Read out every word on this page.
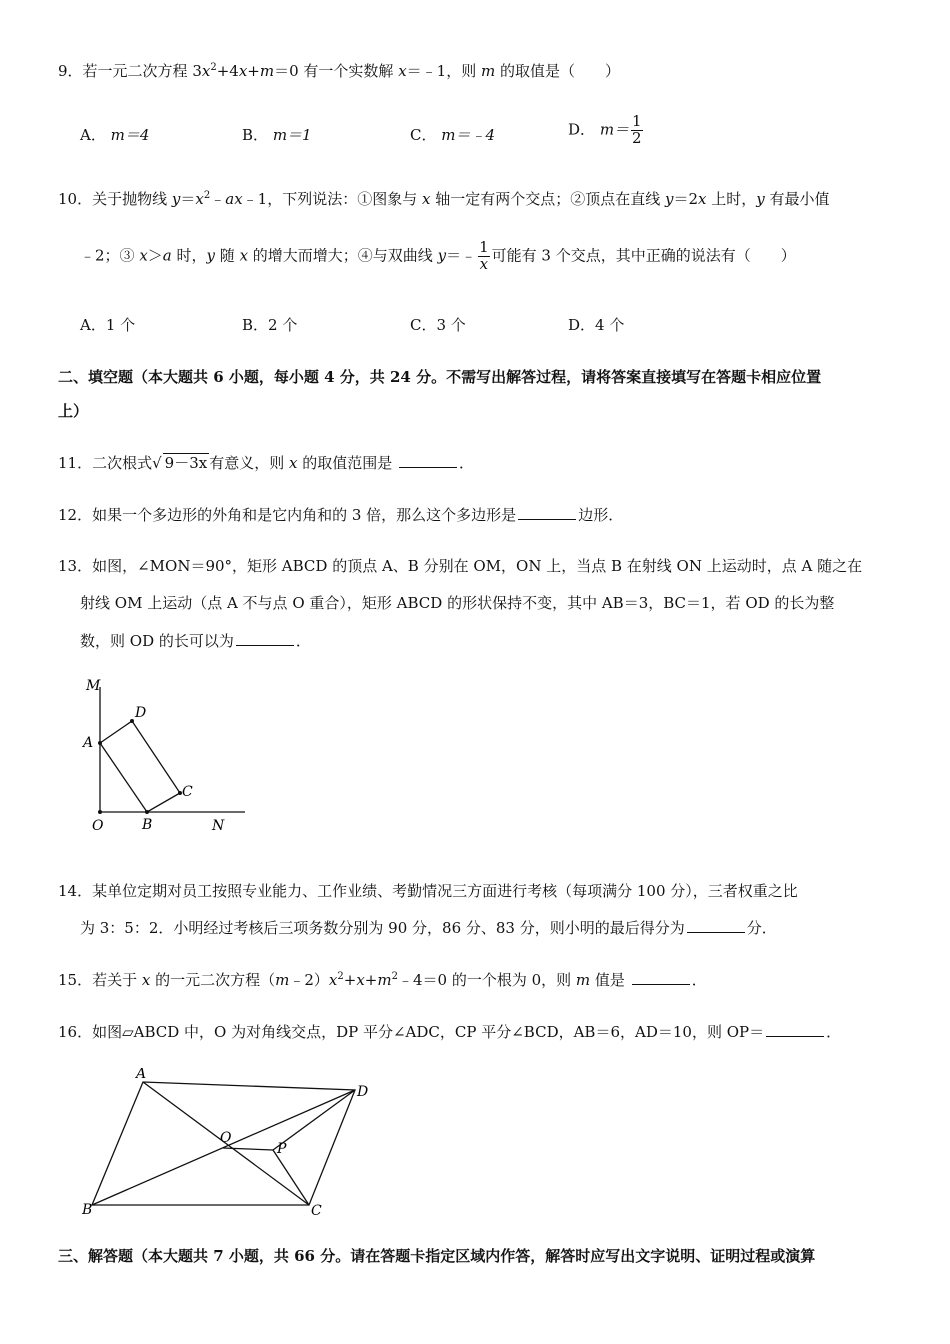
9．若一元二次方程 $3x^2+4x+m=0$ 有一个实数解 x＝﹣1，则 m 的取值是（　　）
A． m＝4	B． m＝1	C． m＝﹣4	D． $m= \frac{1}{2}$
10．关于抛物线 $y=x^2﹣ax﹣1$，下列说法：①图象与 x 轴一定有两个交点；②顶点在直线 y＝2x 上时，y 有最小值
﹣2；③ x＞a 时，y 随 x 的增大而增大；④与双曲线 y＝﹣ $\frac{1}{x}$ 可能有 3 个交点，其中正确的说法有（　　）
A．1 个	B．2 个	C．3 个	D．4 个
二、填空题（本大题共 6 小题，每小题 4 分，共 24 分。不需写出解答过程，请将答案直接填写在答题卡相应位置
上）
11．二次根式√ 9－3x 有意义，则 x 的取值范围是	．
12．如果一个多边形的外角和是它内角和的 3 倍，那么这个多边形是	边形．
13．如图，∠MON＝90°，矩形 ABCD 的顶点 A、B 分别在 OM，ON 上，当点 B 在射线 ON 上运动时，点 A 随之在
射线 OM 上运动（点 A 不与点 O 重合），矩形 ABCD 的形状保持不变，其中 AB＝3，BC＝1，若 OD 的长为整
数，则 OD 的长可以为	．
M
D
A
C
O	B	N
14．某单位定期对员工按照专业能力、工作业绩、考勤情况三方面进行考核（每项满分 100 分），三者权重之比
为 3：5：2．小明经过考核后三项务数分别为 90 分，86 分、83 分，则小明的最后得分为	分．
15．若关于 x 的一元二次方程$(m﹣2)x^2+x+m^2﹣4=0$ 的一个根为 0，则 m 值是	．
16．如图▱ABCD 中，O 为对角线交点，DP 平分∠ADC，CP 平分∠BCD，AB＝6，AD＝10，则 OP＝	．
A
D
O
P
B	C
三、解答题（本大题共 7 小题，共 66 分。请在答题卡指定区域内作答，解答时应写出文字说明、证明过程或演算
